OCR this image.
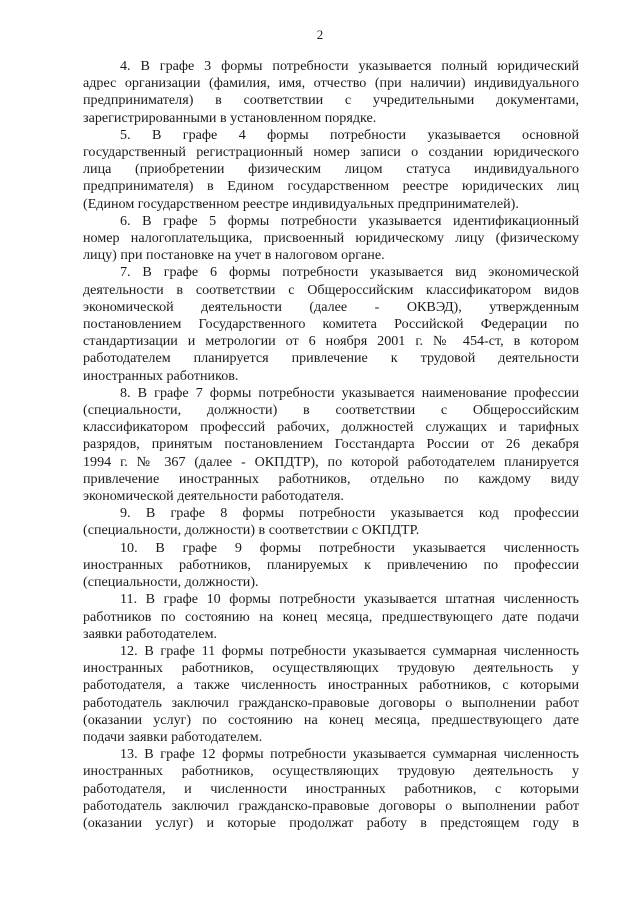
2
4. В графе 3 формы потребности указывается полный юридический
адрес организации (фамилия, имя, отчество (при наличии) индивидуального
предпринимателя) в соответствии с учредительными документами,
зарегистрированными в установленном порядке.
5. В графе 4 формы потребности указывается основной
государственный регистрационный номер записи о создании юридического
лица (приобретении физическим лицом статуса индивидуального
предпринимателя) в Едином государственном реестре юридических лиц
(Едином государственном реестре индивидуальных предпринимателей).
6. В графе 5 формы потребности указывается идентификационный
номер налогоплательщика, присвоенный юридическому лицу (физическому
лицу) при постановке на учет в налоговом органе.
7. В графе 6 формы потребности указывается вид экономической
деятельности в соответствии с Общероссийским классификатором видов
экономической деятельности (далее - ОКВЭД), утвержденным
постановлением Государственного комитета Российской Федерации по
стандартизации и метрологии от 6 ноября 2001 г. № 454-ст, в котором
работодателем планируется привлечение к трудовой деятельности
иностранных работников.
8. В графе 7 формы потребности указывается наименование профессии
(специальности, должности) в соответствии с Общероссийским
классификатором профессий рабочих, должностей служащих и тарифных
разрядов, принятым постановлением Госстандарта России от 26 декабря
1994 г. № 367 (далее - ОКПДТР), по которой работодателем планируется
привлечение иностранных работников, отдельно по каждому виду
экономической деятельности работодателя.
9. В графе 8 формы потребности указывается код профессии
(специальности, должности) в соответствии с ОКПДТР.
10. В графе 9 формы потребности указывается численность
иностранных работников, планируемых к привлечению по профессии
(специальности, должности).
11. В графе 10 формы потребности указывается штатная численность
работников по состоянию на конец месяца, предшествующего дате подачи
заявки работодателем.
12. В графе 11 формы потребности указывается суммарная численность
иностранных работников, осуществляющих трудовую деятельность у
работодателя, а также численность иностранных работников, с которыми
работодатель заключил гражданско-правовые договоры о выполнении работ
(оказании услуг) по состоянию на конец месяца, предшествующего дате
подачи заявки работодателем.
13. В графе 12 формы потребности указывается суммарная численность
иностранных работников, осуществляющих трудовую деятельность у
работодателя, и численности иностранных работников, с которыми
работодатель заключил гражданско-правовые договоры о выполнении работ
(оказании услуг) и которые продолжат работу в предстоящем году в
